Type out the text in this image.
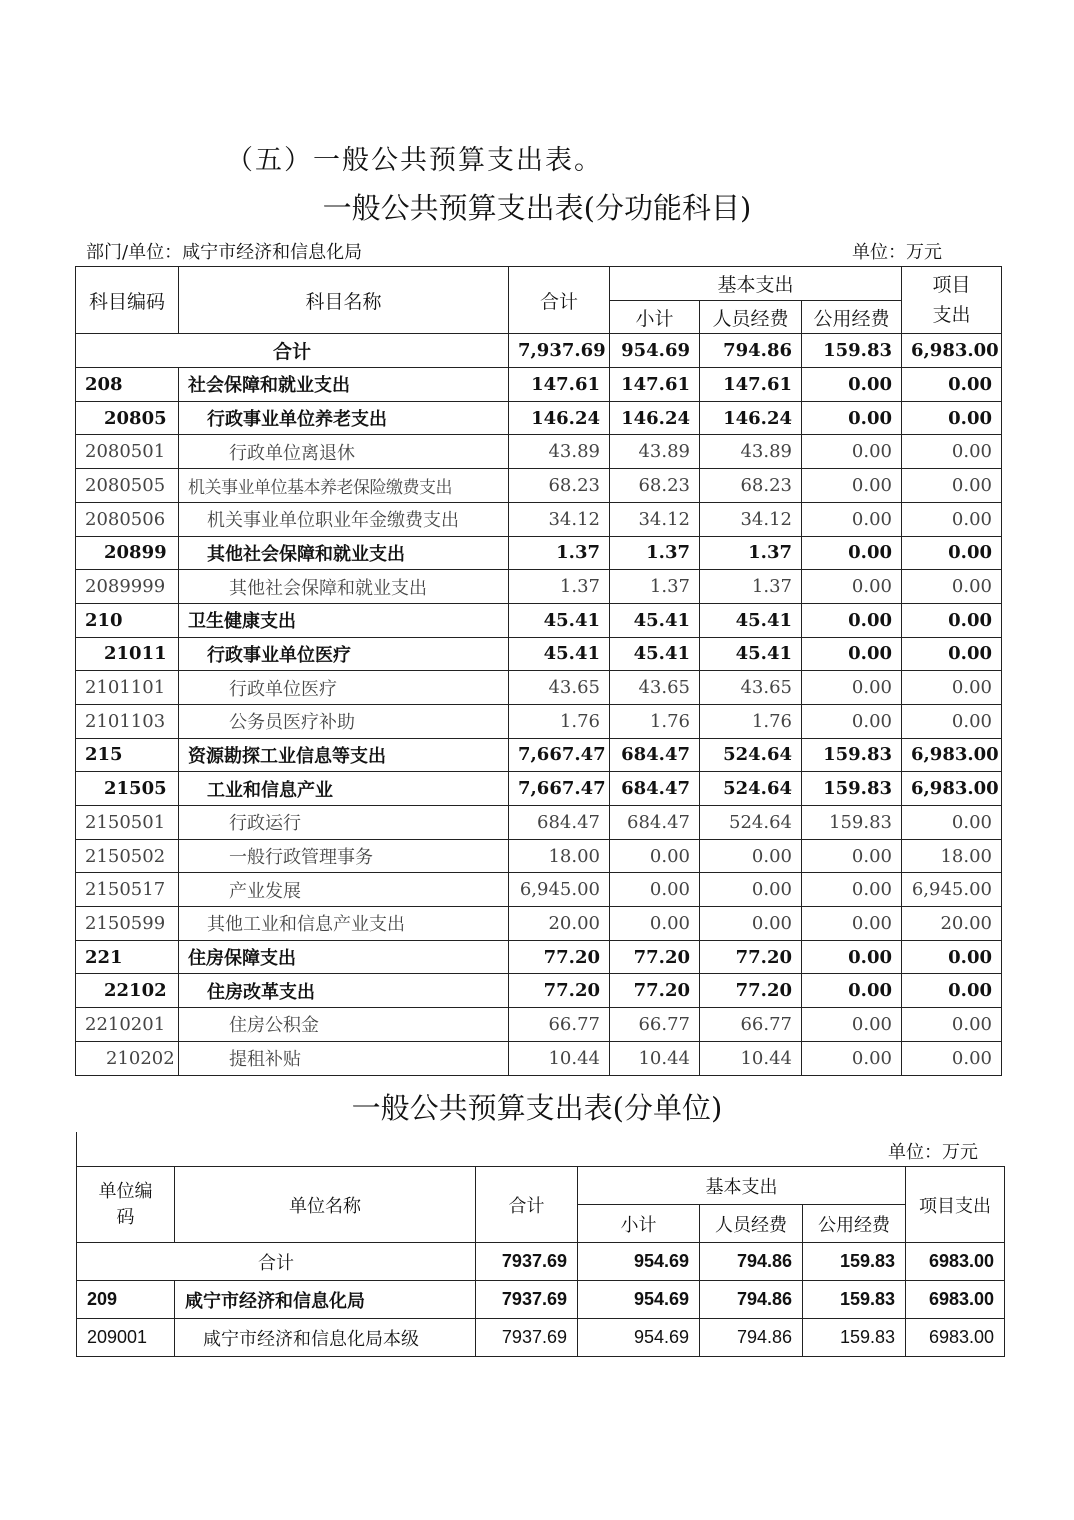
（五）一般公共预算支出表。
一般公共预算支出表(分功能科目)
部门/单位：咸宁市经济和信息化局	单位：万元
科目编码	科目名称	合计	基本支出			项目
支出
			小计	人员经费	公用经费	
合计		7,937.69	954.69	794.86	159.83	6,983.00
208	社会保障和就业支出	147.61	147.61	147.61	0.00	0.00
20805	行政事业单位养老支出	146.24	146.24	146.24	0.00	0.00
2080501	行政单位离退休	43.89	43.89	43.89	0.00	0.00
2080505	机关事业单位基本养老保险缴费支出	68.23	68.23	68.23	0.00	0.00
2080506	机关事业单位职业年金缴费支出	34.12	34.12	34.12	0.00	0.00
20899	其他社会保障和就业支出	1.37	1.37	1.37	0.00	0.00
2089999	其他社会保障和就业支出	1.37	1.37	1.37	0.00	0.00
210	卫生健康支出	45.41	45.41	45.41	0.00	0.00
21011	行政事业单位医疗	45.41	45.41	45.41	0.00	0.00
2101101	行政单位医疗	43.65	43.65	43.65	0.00	0.00
2101103	公务员医疗补助	1.76	1.76	1.76	0.00	0.00
215	资源勘探工业信息等支出	7,667.47	684.47	524.64	159.83	6,983.00
21505	工业和信息产业	7,667.47	684.47	524.64	159.83	6,983.00
2150501	行政运行	684.47	684.47	524.64	159.83	0.00
2150502	一般行政管理事务	18.00	0.00	0.00	0.00	18.00
2150517	产业发展	6,945.00	0.00	0.00	0.00	6,945.00
2150599	其他工业和信息产业支出	20.00	0.00	0.00	0.00	20.00
221	住房保障支出	77.20	77.20	77.20	0.00	0.00
22102	住房改革支出	77.20	77.20	77.20	0.00	0.00
2210201	住房公积金	66.77	66.77	66.77	0.00	0.00
210202	提租补贴	10.44	10.44	10.44	0.00	0.00
一般公共预算支出表(分单位)
单位：万元
单位编
码	单位名称	合计	基本支出			项目支出
			小计	人员经费	公用经费	
合计		7937.69	954.69	794.86	159.83	6983.00
209	咸宁市经济和信息化局	7937.69	954.69	794.86	159.83	6983.00
209001	咸宁市经济和信息化局本级	7937.69	954.69	794.86	159.83	6983.00
